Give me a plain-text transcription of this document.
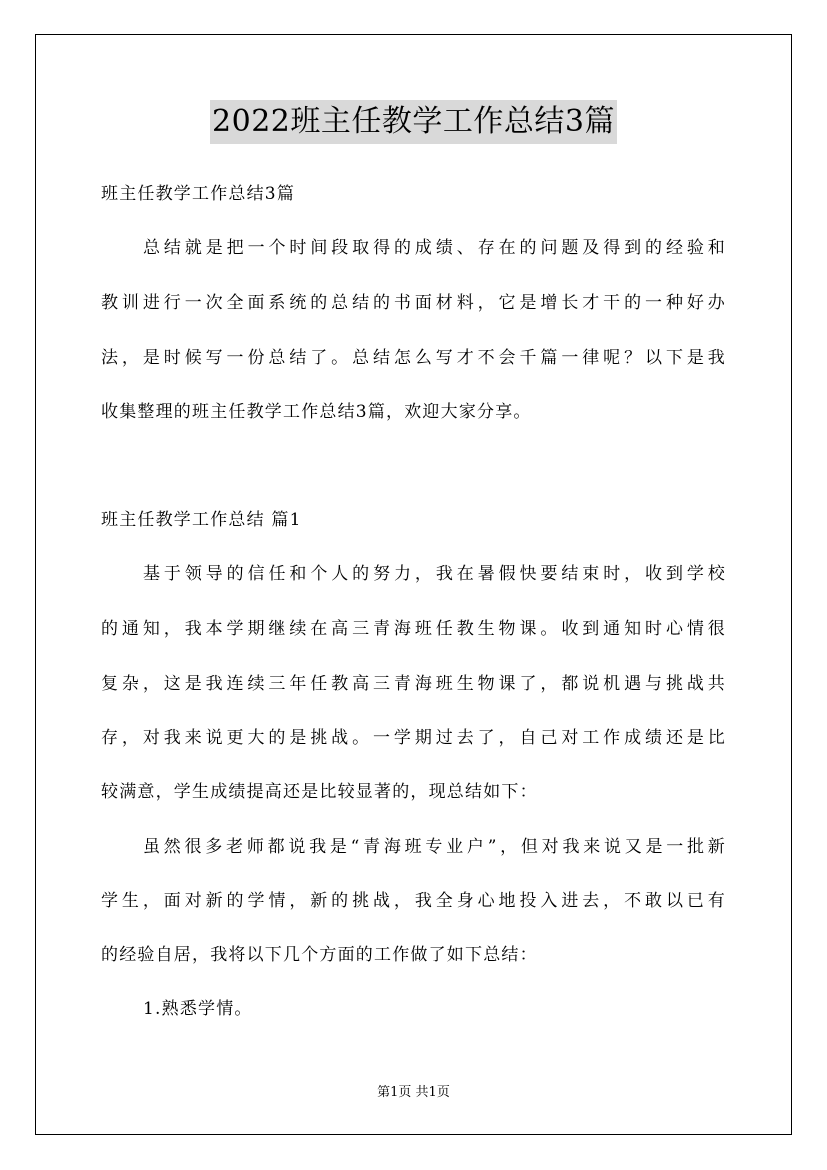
2022班主任教学工作总结3篇
班主任教学工作总结3篇
总结就是把一个时间段取得的成绩、存在的问题及得到的经验和
教训进行一次全面系统的总结的书面材料，它是增长才干的一种好办
法，是时候写一份总结了。总结怎么写才不会千篇一律呢？以下是我
收集整理的班主任教学工作总结3篇，欢迎大家分享。
班主任教学工作总结 篇1
基于领导的信任和个人的努力，我在暑假快要结束时，收到学校
的通知，我本学期继续在高三青海班任教生物课。收到通知时心情很
复杂，这是我连续三年任教高三青海班生物课了，都说机遇与挑战共
存，对我来说更大的是挑战。一学期过去了，自己对工作成绩还是比
较满意，学生成绩提高还是比较显著的，现总结如下：
虽然很多老师都说我是“青海班专业户”，但对我来说又是一批新
学生，面对新的学情，新的挑战，我全身心地投入进去，不敢以已有
的经验自居，我将以下几个方面的工作做了如下总结：
1.熟悉学情。
第1页 共1页
